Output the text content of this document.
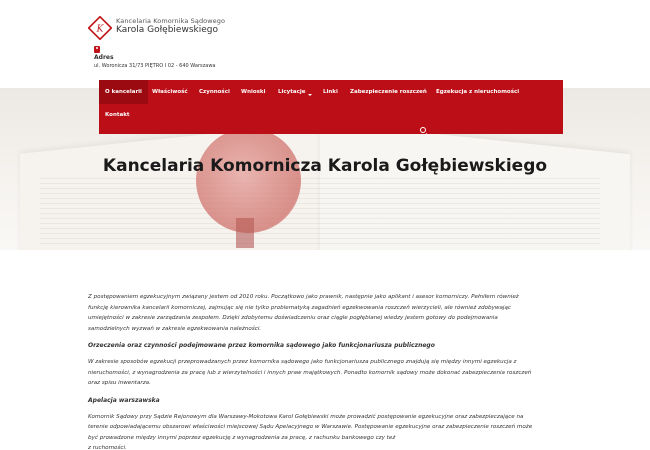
K
Kancelaria Komornika Sądowego
Karola Gołębiewskiego
Adres
ul. Woronicza 31/73 PIĘTRO I 02 - 640 Warszawa
Kancelaria Komornicza Karola Gołębiewskiego
O kancelarii	Właściwość	Czynności	Wnioski	Licytacje	Linki	Zabezpieczenie roszczeń	Egzekucja z nieruchomości
Kontakt
Z postępowaniem egzekucyjnym związany jestem od 2010 roku. Początkowo jako prawnik, następnie jako aplikant i asesor komorniczy. Pełniłem również
funkcję kierownika kancelarii komorniczej, zajmując się nie tylko problematyką zagadnień egzekwowania roszczeń wierzycieli, ale również zdobywając
umiejętności w zakresie zarządzania zespołem. Dzięki zdobytemu doświadczeniu oraz ciągle pogłębianej wiedzy jestem gotowy do podejmowania
samodzielnych wyzwań w zakresie egzekwowania należności.
Orzeczenia oraz czynności podejmowane przez komornika sądowego jako funkcjonariusza publicznego
W zakresie sposobów egzekucji przeprowadzanych przez komornika sądowego jako funkcjonariusza publicznego znajdują się między innymi egzekucja z
nieruchomości, z wynagrodzenia za pracę lub z wierzytelności i innych praw majątkowych. Ponadto komornik sądowy może dokonać zabezpieczenia roszczeń
oraz spisu inwentarza.
Apelacja warszawska
Komornik Sądowy przy Sądzie Rejonowym dla Warszawy-Mokotowa Karol Gołębiewski może prowadzić postępowanie egzekucyjne oraz zabezpieczające na
terenie odpowiadającemu obszarowi właściwości miejscowej Sądu Apelacyjnego w Warszawie. Postępowanie egzekucyjne oraz zabezpieczenie roszczeń może
być prowadzone między innymi poprzez egzekucję z wynagrodzenia za pracę, z rachunku bankowego czy też
z ruchomości.
